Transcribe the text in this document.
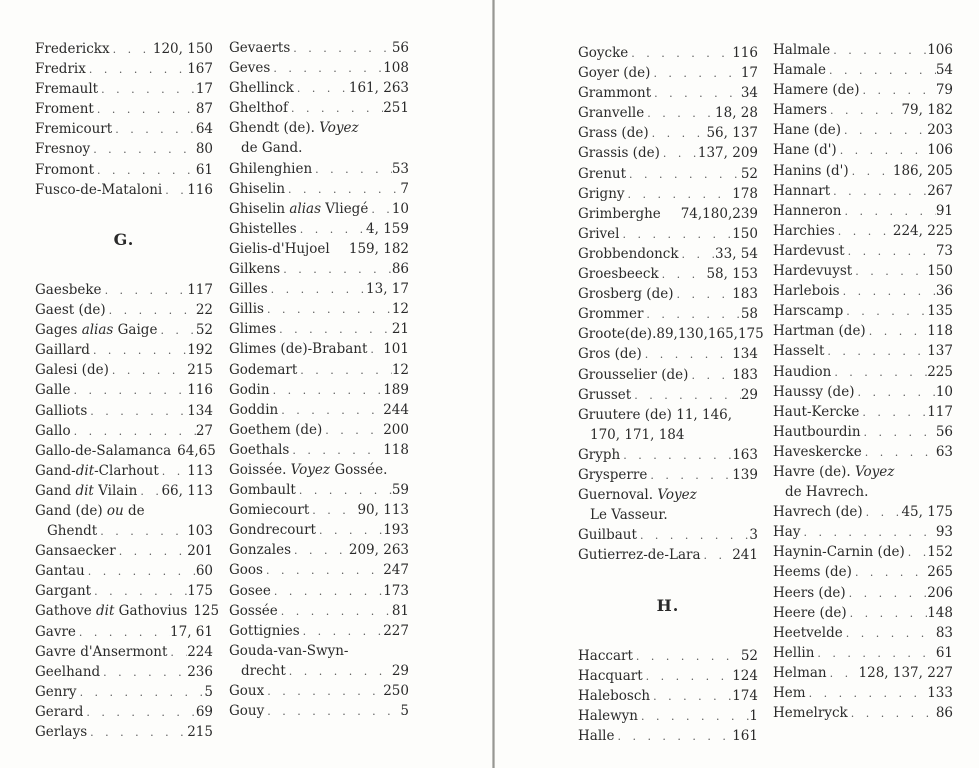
Frederickx . . .	120, 150
Fredrix . . .	167
Fremault . . .	17
Froment . . .	87
Fremicourt . . .	64
Fresnoy . . .	80
Fromont . . .	61
Fusco-de-Mataloni . . . 116
G.
Gaesbeke . . .	117
Gaest (de) . . .	22
Gages alias Gaige . . .	52
Gaillard . . .	192
Galesi (de) . . .	215
Galle . . .	116
Galliots . . .	134
Gallo . . .	27
Gallo-de-Salamanca 64,65
Gand-dit-Clarhout . . . 113
Gand dit Vilain . . . 66, 113
Gand (de) ou de
Ghendt . . .	103
Gansaecker . . .	201
Gantau . . .	60
Gargant . . .	175
Gathove dit Gathovius 125
Gavre . . .	17, 61
Gavre d'Ansermont . . . 224
Geelhand . . .	236
Genry . . .	5
Gerard . . .	69
Gerlays . . .	215
Gevaerts . . .	56
Geves . . .	108
Ghellinck . . .	161, 263
Ghelthof . . .	251
Ghendt (de). Voyez
de Gand.
Ghilenghien . . .	53
Ghiselin . . .	7
Ghiselin alias Vliegé . . . 10
Ghistelles . . .	4, 159
Gielis-d'Hujoel 159, 182
Gilkens . . .	86
Gilles . . .	13, 17
Gillis . . .	12
Glimes . . .	21
Glimes (de)-Brabant . . . 101
Godemart . . .	12
Godin . . .	189
Goddin . . .	244
Goethem (de) . . .	200
Goethals . . .	118
Goissée. Voyez Gossée.
Gombault . . .	59
Gomiecourt . . .	90, 113
Gondrecourt . . .	193
Gonzales . . .	209, 263
Goos . . .	247
Gosee . . .	173
Gossée . . .	81
Gottignies . . .	227
Gouda-van-Swyn-
drecht . . .	29
Goux . . .	250
Gouy . . .	5
Goycke . . .	116
Goyer (de) . . .	17
Grammont . . .	34
Granvelle . . .	18, 28
Grass (de) . . .	56, 137
Grassis (de) . . .	137, 209
Grenut . . .	52
Grigny . . .	178
Grimberghe 74,180,239
Grivel . . .	150
Grobbendonck . . .	33, 54
Groesbeeck . . .	58, 153
Grosberg (de) . . .	183
Grommer . . .	58
Groote(de).89,130,165,175
Gros (de) . . .	134
Grousselier (de) . . .	183
Grusset . . .	29
Gruutere (de) 11, 146,
170, 171, 184
Gryph . . .	163
Grysperre . . .	139
Guernoval. Voyez
Le Vasseur.
Guilbaut . . .	3
Gutierrez-de-Lara . . . 241
H.
Haccart . . .	52
Hacquart . . .	124
Halebosch . . .	174
Halewyn . . .	1
Halle . . .	161
Halmale . . .	106
Hamale . . .	54
Hamere (de) . . .	79
Hamers . . .	79, 182
Hane (de) . . .	203
Hane (d') . . .	106
Hanins (d') . . .	186, 205
Hannart . . .	267
Hanneron . . .	91
Harchies . . .	224, 225
Hardevust . . .	73
Hardevuyst . . .	150
Harlebois . . .	36
Harscamp . . .	135
Hartman (de) . . .	118
Hasselt . . .	137
Haudion . . .	225
Haussy (de) . . .	10
Haut-Kercke . . .	117
Hautbourdin . . .	56
Haveskercke . . .	63
Havre (de). Voyez
de Havrech.
Havrech (de) . . .	45, 175
Hay . . .	93
Haynin-Carnin (de) . . . 152
Heems (de) . . .	265
Heers (de) . . .	206
Heere (de) . . .	148
Heetvelde . . .	83
Hellin . . .	61
Helman . . . 128, 137, 227
Hem . . .	133
Hemelryck . . .	86
